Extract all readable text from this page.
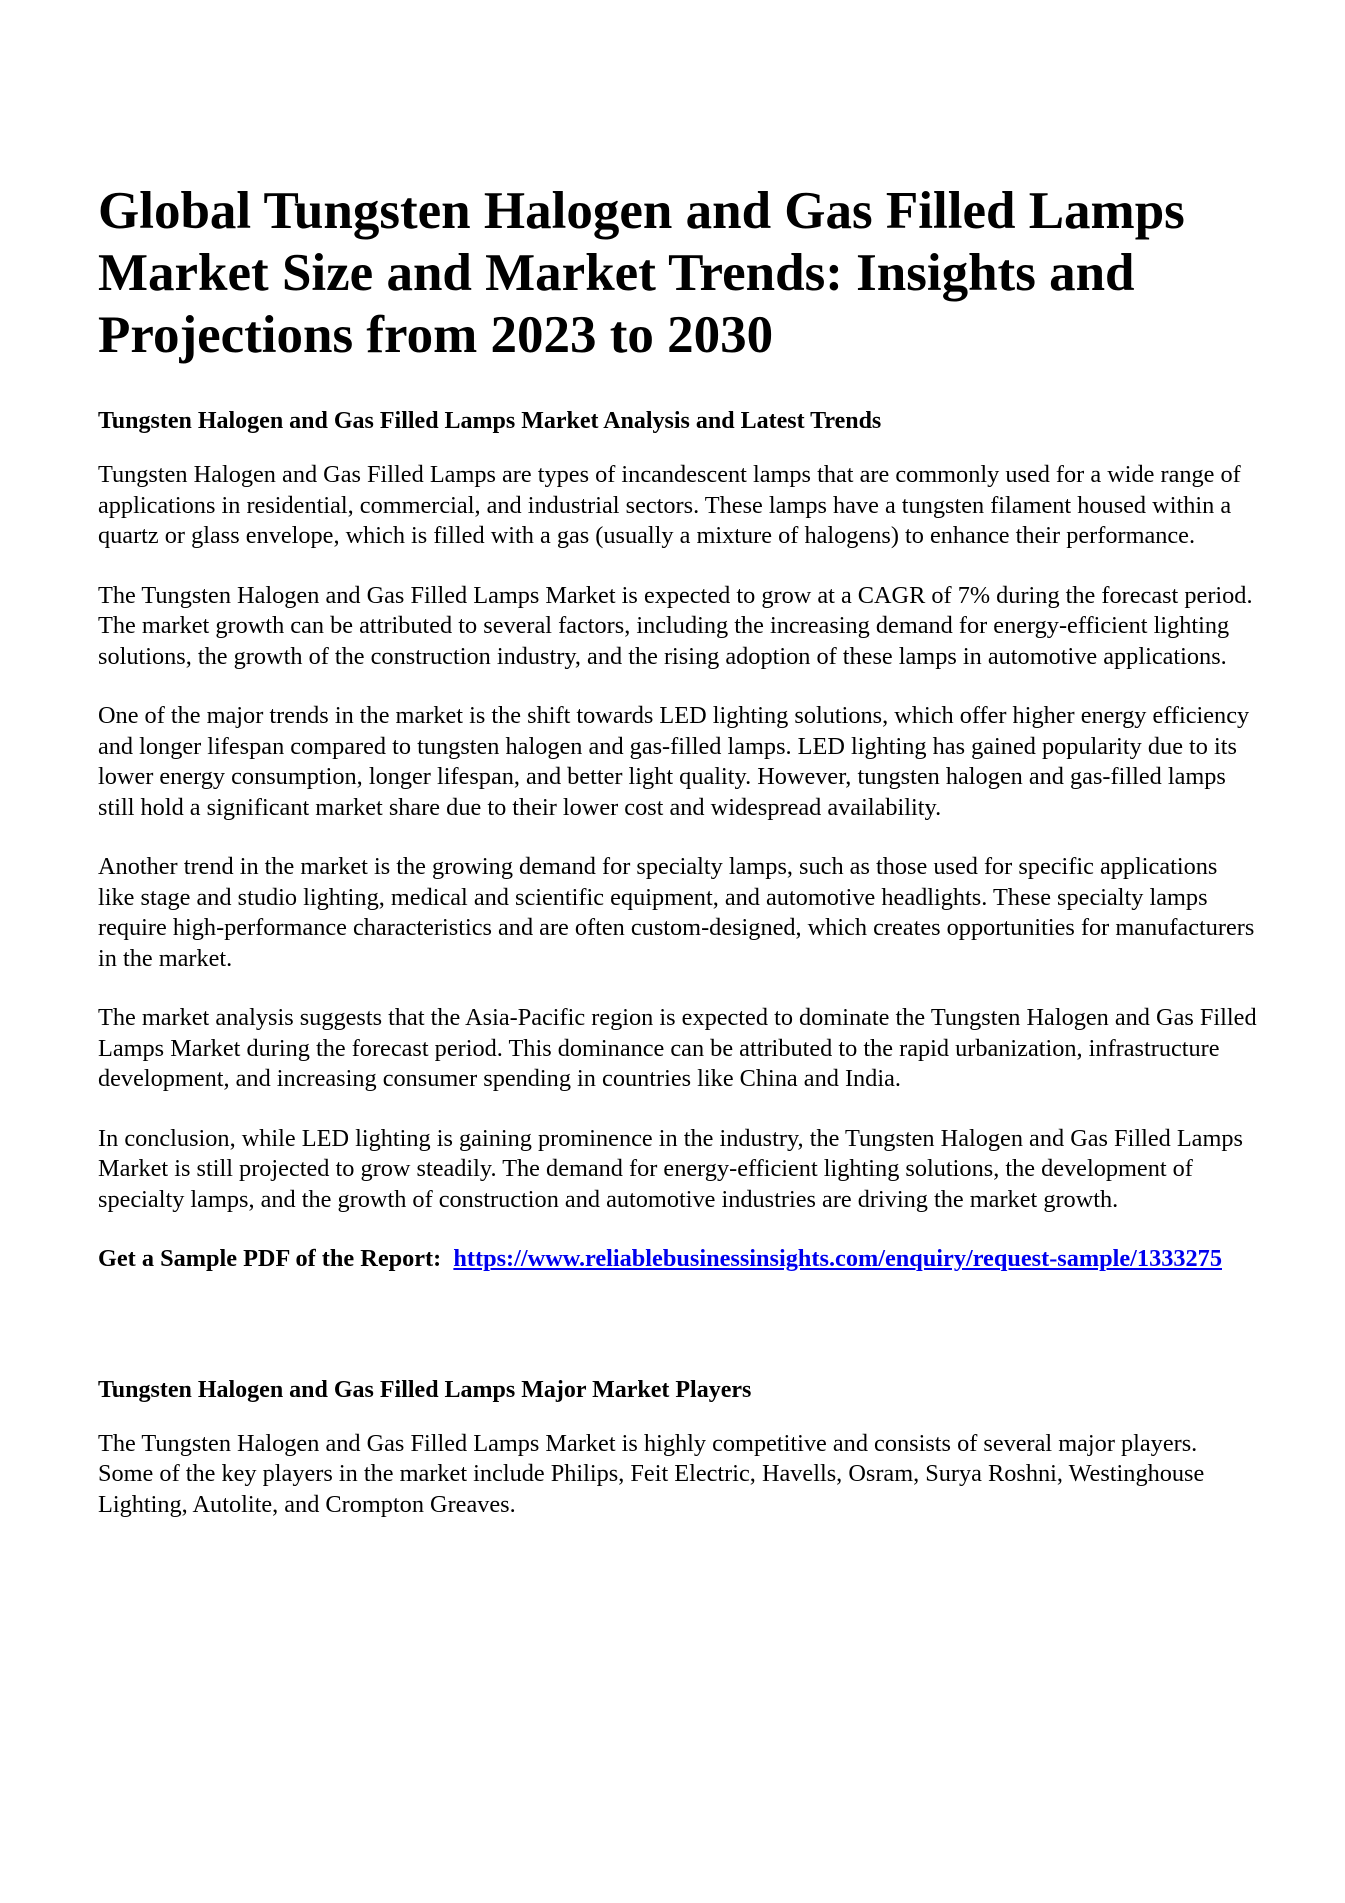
Global Tungsten Halogen and Gas Filled Lamps Market Size and Market Trends: Insights and Projections from 2023 to 2030
Tungsten Halogen and Gas Filled Lamps Market Analysis and Latest Trends

Tungsten Halogen and Gas Filled Lamps are types of incandescent lamps that are commonly used for a wide range of applications in residential, commercial, and industrial sectors. These lamps have a tungsten filament housed within a quartz or glass envelope, which is filled with a gas (usually a mixture of halogens) to enhance their performance.

The Tungsten Halogen and Gas Filled Lamps Market is expected to grow at a CAGR of 7% during the forecast period. The market growth can be attributed to several factors, including the increasing demand for energy-efficient lighting solutions, the growth of the construction industry, and the rising adoption of these lamps in automotive applications.

One of the major trends in the market is the shift towards LED lighting solutions, which offer higher energy efficiency and longer lifespan compared to tungsten halogen and gas-filled lamps. LED lighting has gained popularity due to its lower energy consumption, longer lifespan, and better light quality. However, tungsten halogen and gas-filled lamps still hold a significant market share due to their lower cost and widespread availability.

Another trend in the market is the growing demand for specialty lamps, such as those used for specific applications like stage and studio lighting, medical and scientific equipment, and automotive headlights. These specialty lamps require high-performance characteristics and are often custom-designed, which creates opportunities for manufacturers in the market.

The market analysis suggests that the Asia-Pacific region is expected to dominate the Tungsten Halogen and Gas Filled Lamps Market during the forecast period. This dominance can be attributed to the rapid urbanization, infrastructure development, and increasing consumer spending in countries like China and India.

In conclusion, while LED lighting is gaining prominence in the industry, the Tungsten Halogen and Gas Filled Lamps Market is still projected to grow steadily. The demand for energy-efficient lighting solutions, the development of specialty lamps, and the growth of construction and automotive industries are driving the market growth.

Get a Sample PDF of the Report: https://www.reliablebusinessinsights.com/enquiry/request-sample/1333275
Tungsten Halogen and Gas Filled Lamps Major Market Players

The Tungsten Halogen and Gas Filled Lamps Market is highly competitive and consists of several major players. Some of the key players in the market include Philips, Feit Electric, Havells, Osram, Surya Roshni, Westinghouse Lighting, Autolite, and Crompton Greaves.
